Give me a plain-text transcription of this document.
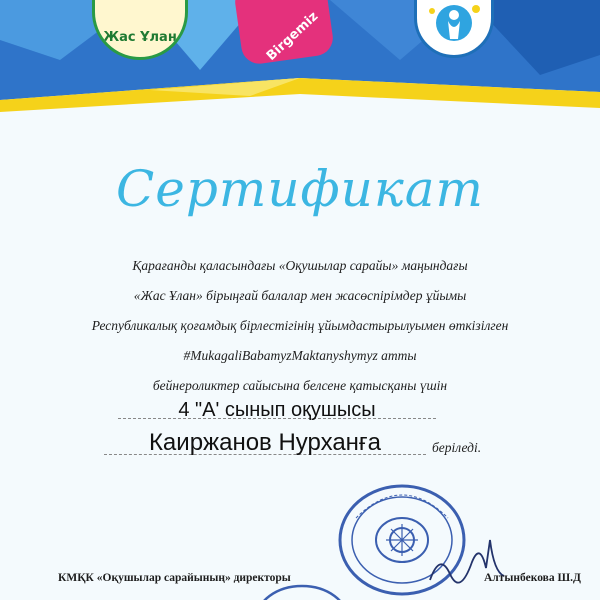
Жас Ұлан	Birgemiz
Сертификат
Қарағанды қаласындағы «Оқушылар сарайы» маңындағы
«Жас Ұлан» бірыңғай балалар мен жасөспірімдер ұйымы
Республикалық қоғамдық бірлестігінің ұйымдастырылуымен өткізілген
#MukagaliBabamyzMaktanyshymyz атты
бейнероликтер сайысына белсене қатысқаны үшін
4 "А' сынып оқушысы
Каиржанов Нурханға	беріледі.
КМҚК «Оқушылар сарайының» директоры	Алтынбекова Ш.Д
